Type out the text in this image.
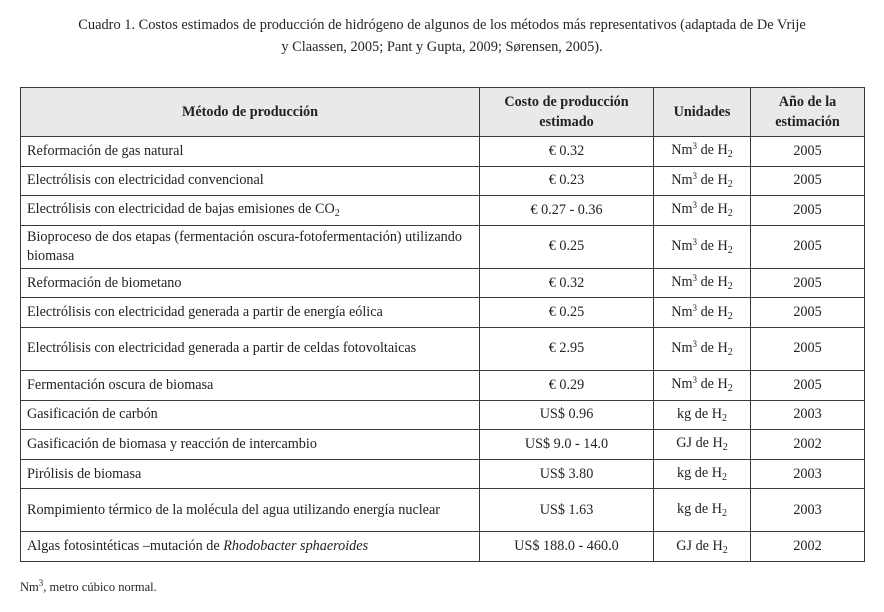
Cuadro 1. Costos estimados de producción de hidrógeno de algunos de los métodos más representativos (adaptada de De Vrije
y Claassen, 2005; Pant y Gupta, 2009; Sørensen, 2005).
Método de producción	Costo de producción estimado	Unidades	Año de la estimación
Reformación de gas natural	€ 0.32	Nm$^3$ de $H_2$	2005
Electrólisis con electricidad convencional	€ 0.23	Nm$^3$ de $H_2$	2005
Electrólisis con electricidad de bajas emisiones de $CO_2$	€ 0.27 - 0.36	Nm$^3$ de $H_2$	2005
Bioproceso de dos etapas (fermentación oscura-fotofermentación) utilizando biomasa	€ 0.25	Nm$^3$ de $H_2$	2005
Reformación de biometano	€ 0.32	Nm$^3$ de $H_2$	2005
Electrólisis con electricidad generada a partir de energía eólica	€ 0.25	Nm$^3$ de $H_2$	2005
Electrólisis con electricidad generada a partir de celdas fotovoltaicas	€ 2.95	Nm$^3$ de $H_2$	2005
Fermentación oscura de biomasa	€ 0.29	Nm$^3$ de $H_2$	2005
Gasificación de carbón	US$ 0.96	kg de $H_2$	2003
Gasificación de biomasa y reacción de intercambio	US$ 9.0 - 14.0	GJ de $H_2$	2002
Pirólisis de biomasa	US$ 3.80	kg de $H_2$	2003
Rompimiento térmico de la molécula del agua utilizando energía nuclear	US$ 1.63	kg de $H_2$	2003
Algas fotosintéticas –mutación de Rhodobacter sphaeroides	US$ 188.0 - 460.0	GJ de $H_2$	2002
Nm$^3$, metro cúbico normal.
